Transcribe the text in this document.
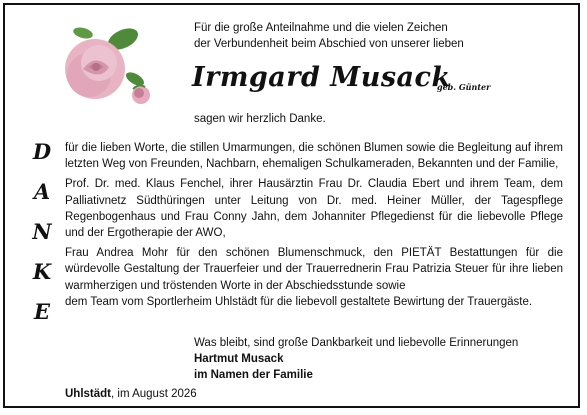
Für die große Anteilnahme und die vielen Zeichen
der Verbundenheit beim Abschied von unserer lieben
Irmgard Musack
geb. Günter
sagen wir herzlich Danke.
D
A
N
K
E

für die lieben Worte, die stillen Umarmungen, die schönen Blumen sowie die Begleitung auf ihrem letzten Weg von Freunden, Nachbarn, ehemaligen Schulkameraden, Bekannten und der Familie,

Prof. Dr. med. Klaus Fenchel, ihrer Hausärztin Frau Dr. Claudia Ebert und ihrem Team, dem Palliativnetz Südthüringen unter Leitung von Dr. med. Heiner Müller, der Tagespflege Regenbogenhaus und Frau Conny Jahn, dem Johanniter Pflegedienst für die liebevolle Pflege und der Ergotherapie der AWO,

Frau Andrea Mohr für den schönen Blumenschmuck, den PIETÄT Bestattungen für die würdevolle Gestaltung der Trauerfeier und der Trauerrednerin Frau Patrizia Steuer für ihre lieben warmherzigen und tröstenden Worte in der Abschiedsstunde sowie

dem Team vom Sportlerheim Uhlstädt für die liebevoll gestaltete Bewirtung der Trauergäste.

Was bleibt, sind große Dankbarkeit und liebevolle Erinnerungen
Hartmut Musack
im Namen der Familie
Uhlstädt, im August 2026
